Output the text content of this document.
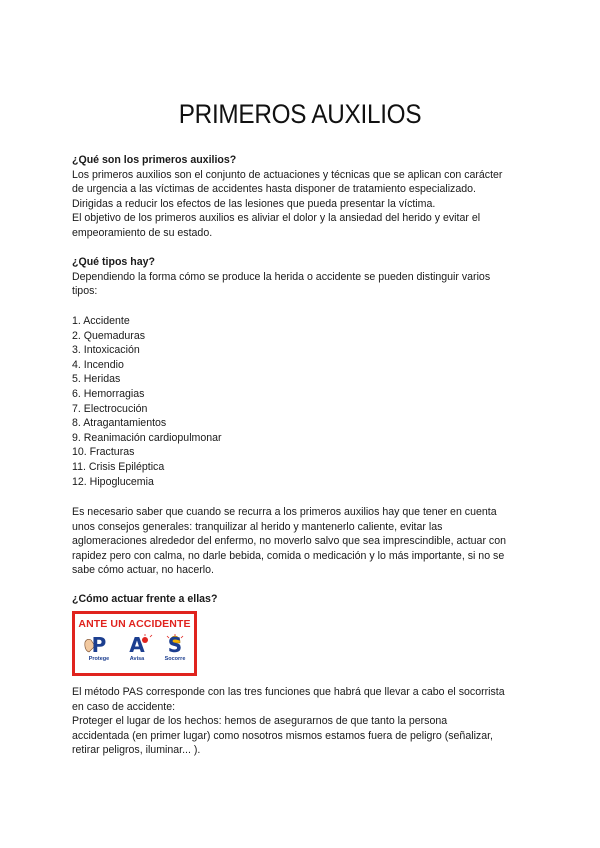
PRIMEROS AUXILIOS

¿Qué son los primeros auxilios?

Los primeros auxilios son el conjunto de actuaciones y técnicas que se aplican con carácter

de urgencia a las víctimas de accidentes hasta disponer de tratamiento especializado.

Dirigidas a reducir los efectos de las lesiones que pueda presentar la víctima.

El objetivo de los primeros auxilios es aliviar el dolor y la ansiedad del herido y evitar el

empeoramiento de su estado.

¿Qué tipos hay?

Dependiendo la forma cómo se produce la herida o accidente se pueden distinguir varios

tipos:

1. Accidente
2. Quemaduras
3. Intoxicación
4. Incendio
5. Heridas
6. Hemorragias
7. Electrocución
8. Atragantamientos
9. Reanimación cardiopulmonar
10. Fracturas
11. Crisis Epiléptica
12. Hipoglucemia

Es necesario saber que cuando se recurra a los primeros auxilios hay que tener en cuenta

unos consejos generales: tranquilizar al herido y mantenerlo caliente, evitar las

aglomeraciones alrededor del enfermo, no moverlo salvo que sea imprescindible, actuar con

rapidez pero con calma, no darle bebida, comida o medicación y lo más importante, si no se

sabe cómo actuar, no hacerlo.

¿Cómo actuar frente a ellas?

ANTE UN ACCIDENTE
P
Protege
A
Avisa
S
Socorre

El método PAS corresponde con las tres funciones que habrá que llevar a cabo el socorrista

en caso de accidente:

Proteger el lugar de los hechos: hemos de asegurarnos de que tanto la persona

accidentada (en primer lugar) como nosotros mismos estamos fuera de peligro (señalizar,

retirar peligros, iluminar... ).
